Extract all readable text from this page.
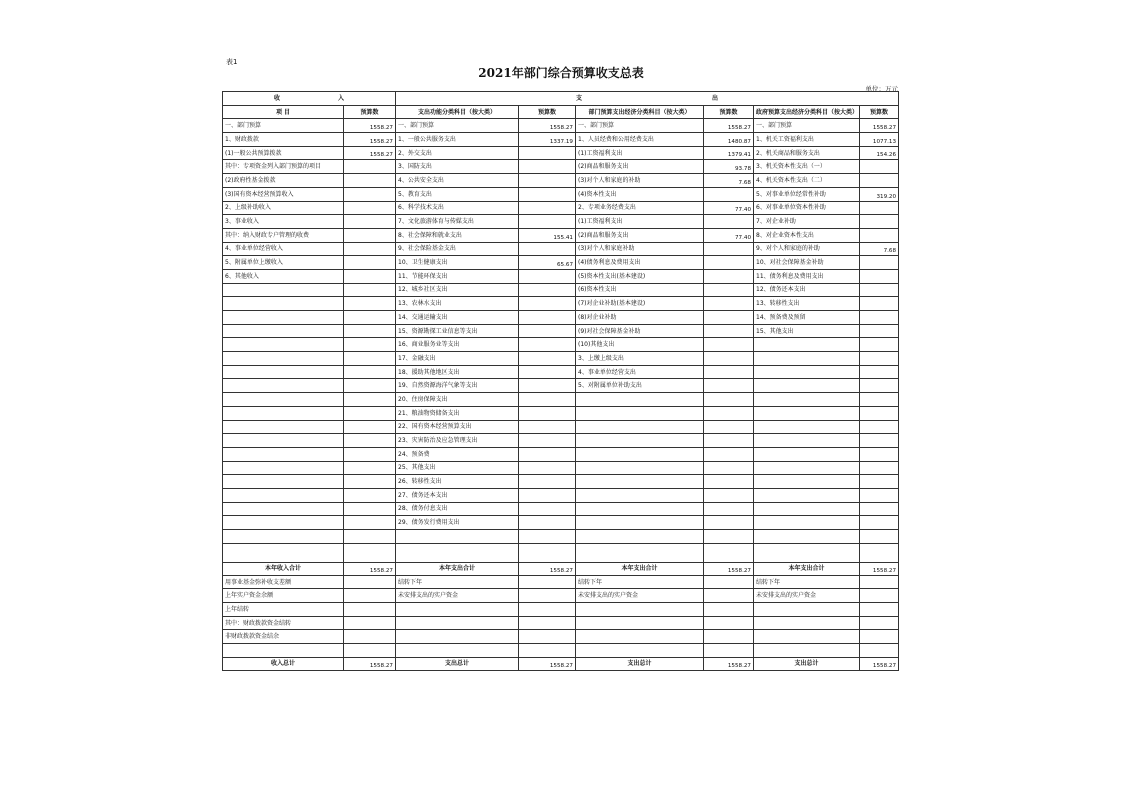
表1
2021年部门综合预算收支总表
单位：万元
收 入		支 出					

项 目	预算数	支出功能分类科目（按大类）	预算数	部门预算支出经济分类科目（按大类）	预算数	政府预算支出经济分类科目（按大类）	预算数
一、部门预算	1558.27	一、部门预算	1558.27	一、部门预算	1558.27	一、部门预算	1558.27
1、财政拨款	1558.27	1、一般公共服务支出	1337.19	1、人员经费和公用经费支出	1480.87	1、机关工资福利支出	1077.13
(1)一般公共预算拨款	1558.27	2、外交支出		(1)工资福利支出	1379.41	2、机关商品和服务支出	154.26
其中：专项资金列入部门预算的项目		3、国防支出		(2)商品和服务支出	93.78	3、机关资本性支出（一）	
(2)政府性基金拨款		4、公共安全支出		(3)对个人和家庭的补助	7.68	4、机关资本性支出（二）	
(3)国有资本经营预算收入		5、教育支出		(4)资本性支出		5、对事业单位经常性补助	319.20
2、上级补助收入		6、科学技术支出		2、专项业务经费支出	77.40	6、对事业单位资本性补助	
3、事业收入		7、文化旅游体育与传媒支出		(1)工资福利支出		7、对企业补助	
其中：纳入财政专户管理的收费		8、社会保障和就业支出	155.41	(2)商品和服务支出	77.40	8、对企业资本性支出	
4、事业单位经营收入		9、社会保险基金支出		(3)对个人和家庭补助		9、对个人和家庭的补助	7.68
5、附属单位上缴收入		10、卫生健康支出	65.67	(4)债务利息及费用支出		10、对社会保障基金补助	
6、其他收入		11、节能环保支出		(5)资本性支出(基本建设)		11、债务利息及费用支出	
		12、城乡社区支出		(6)资本性支出		12、债务还本支出	
		13、农林水支出		(7)对企业补助(基本建设)		13、转移性支出	
		14、交通运输支出		(8)对企业补助		14、预备费及预留	
		15、资源勘探工业信息等支出		(9)对社会保障基金补助		15、其他支出	
		16、商业服务业等支出		(10)其他支出			
		17、金融支出		3、上缴上级支出			
		18、援助其他地区支出		4、事业单位经营支出			
		19、自然资源海洋气象等支出		5、对附属单位补助支出			
		20、住房保障支出					
		21、粮油物资储备支出					
		22、国有资本经营预算支出					
		23、灾害防治及应急管理支出					
		24、预备费					
		25、其他支出					
		26、转移性支出					
		27、债务还本支出					
		28、债务付息支出					
		29、债务发行费用支出					

本年收入合计	1558.27	本年支出合计	1558.27	本年支出合计	1558.27	本年支出合计	1558.27
用事业基金弥补收支差额		结转下年		结转下年		结转下年	
上年实户资金余额		未安排支出的实户资金		未安排支出的实户资金		未安排支出的实户资金	
上年结转							
其中：财政拨款资金结转							
非财政拨款资金结余							

收入总计	1558.27	支出总计	1558.27	支出总计	1558.27	支出总计	1558.27
